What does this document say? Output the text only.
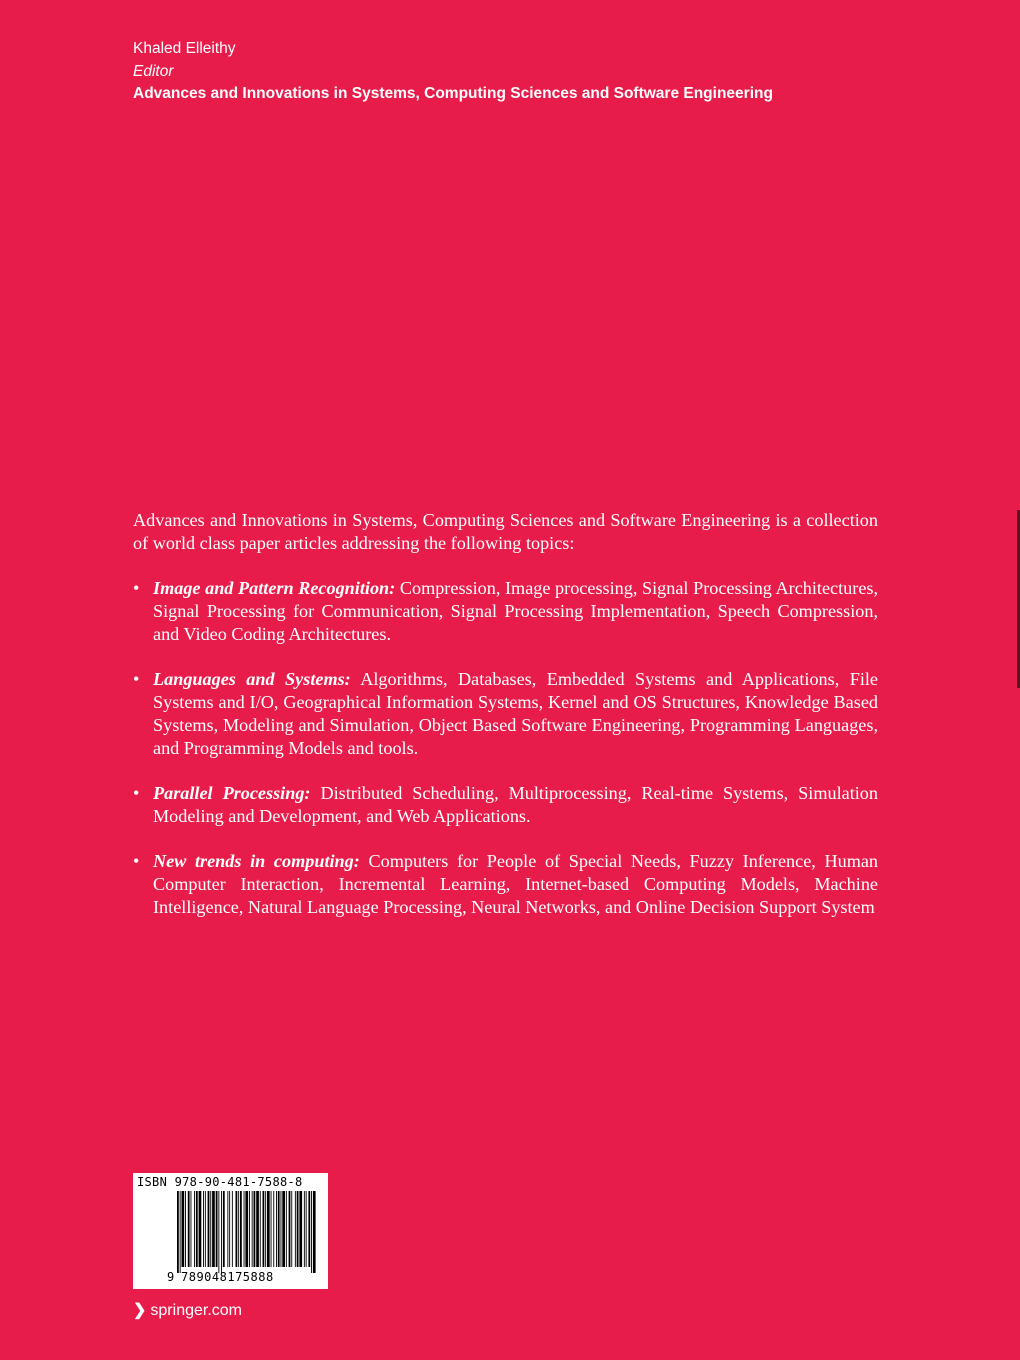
Khaled Elleithy
Editor
Advances and Innovations in Systems, Computing Sciences and Software Engineering

Advances and Innovations in Systems, Computing Sciences and Software Engineering is a collection of world class paper articles addressing the following topics:

• Image and Pattern Recognition: Compression, Image processing, Signal Processing Architectures, Signal Processing for Communication, Signal Processing Implementation, Speech Compression, and Video Coding Architectures.
• Languages and Systems: Algorithms, Databases, Embedded Systems and Applications, File Systems and I/O, Geographical Information Systems, Kernel and OS Structures, Knowledge Based Systems, Modeling and Simulation, Object Based Software Engineering, Programming Languages, and Programming Models and tools.
• Parallel Processing: Distributed Scheduling, Multiprocessing, Real-time Systems, Simulation Modeling and Development, and Web Applications.
• New trends in computing: Computers for People of Special Needs, Fuzzy Inference, Human Computer Interaction, Incremental Learning, Internet-based Computing Models, Machine Intelligence, Natural Language Processing, Neural Networks, and Online Decision Support System
ISBN 978-90-481-7588-8
9 789048175888
❯ springer.com
